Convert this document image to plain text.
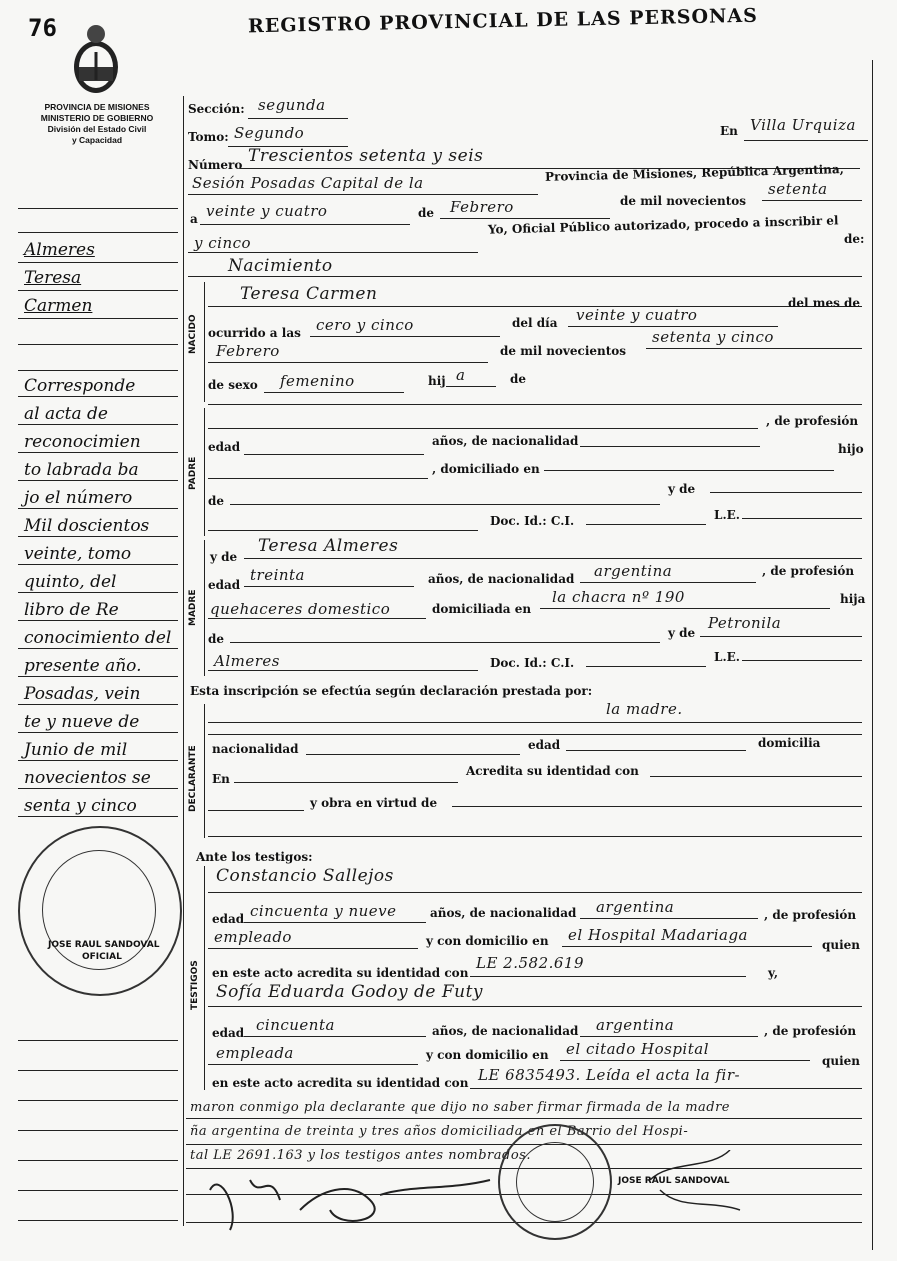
76
PROVINCIA DE MISIONES
MINISTERIO DE GOBIERNO
División del Estado Civil
y Capacidad
REGISTRO PROVINCIAL DE LAS PERSONAS
Almeres
Teresa
Carmen
Corresponde
al acta de
reconocimien
to labrada ba
jo el número
Mil doscientos
veinte, tomo
quinto, del
libro de Re
conocimiento del
presente año.
Posadas, vein
te y nueve de
Junio de mil
novecientos se
senta y cinco
JOSE RAUL SANDOVAL
OFICIAL
Sección: segunda
Tomo: Segundo	En Villa Urquiza
Número Trescientos setenta y seis
Sesión Posadas Capital de la	Provincia de Misiones, República Argentina,
a veinte y cuatro	de Febrero	de mil novecientos
setenta
y cinco
Yo, Oficial Público autorizado, procedo a inscribir el
de:
Nacimiento
NACIDO
Teresa Carmen
ocurrido a las cero y cinco	del día veinte y cuatro
del mes de
Febrero	de mil novecientos
setenta y cinco
de sexo femenino	hij a	de
PADRE
, de profesión
edad	años, de nacionalidad
hijo
, domiciliado en
de
y de
Doc. Id.: C.I.	L.E.
MADRE
y de
Teresa Almeres
edad
treinta	años, de nacionalidad argentina	, de profesión
quehaceres domestico	domiciliada en
la chacra nº 190	hija
de	y de
Petronila
Almeres	Doc. Id.: C.I.	L.E.
Esta inscripción se efectúa según declaración prestada por:
DECLARANTE
la madre.
nacionalidad	edad	domicilia
En
Acredita su identidad con
y obra en virtud de
Ante los testigos:
TESTIGOS
Constancio Sallejos
edad cincuenta y nueve	años, de nacionalidad argentina	, de profesión
empleado	y con domicilio en el Hospital Madariaga
quien
en este acto acredita su identidad con
LE 2.582.619
y,
Sofía Eduarda Godoy de Futy
edad cincuenta	años, de nacionalidad argentina	, de profesión
empleada	y con domicilio en el citado Hospital
quien
en este acto acredita su identidad con LE 6835493. Leída el acta la fir-
maron conmigo pla declarante que dijo no saber firmar firmada de la madre
ña argentina de treinta y tres años domiciliada en el Barrio del Hospi-
tal LE 2691.163 y los testigos antes nombrados.
JOSE RAUL SANDOVAL
